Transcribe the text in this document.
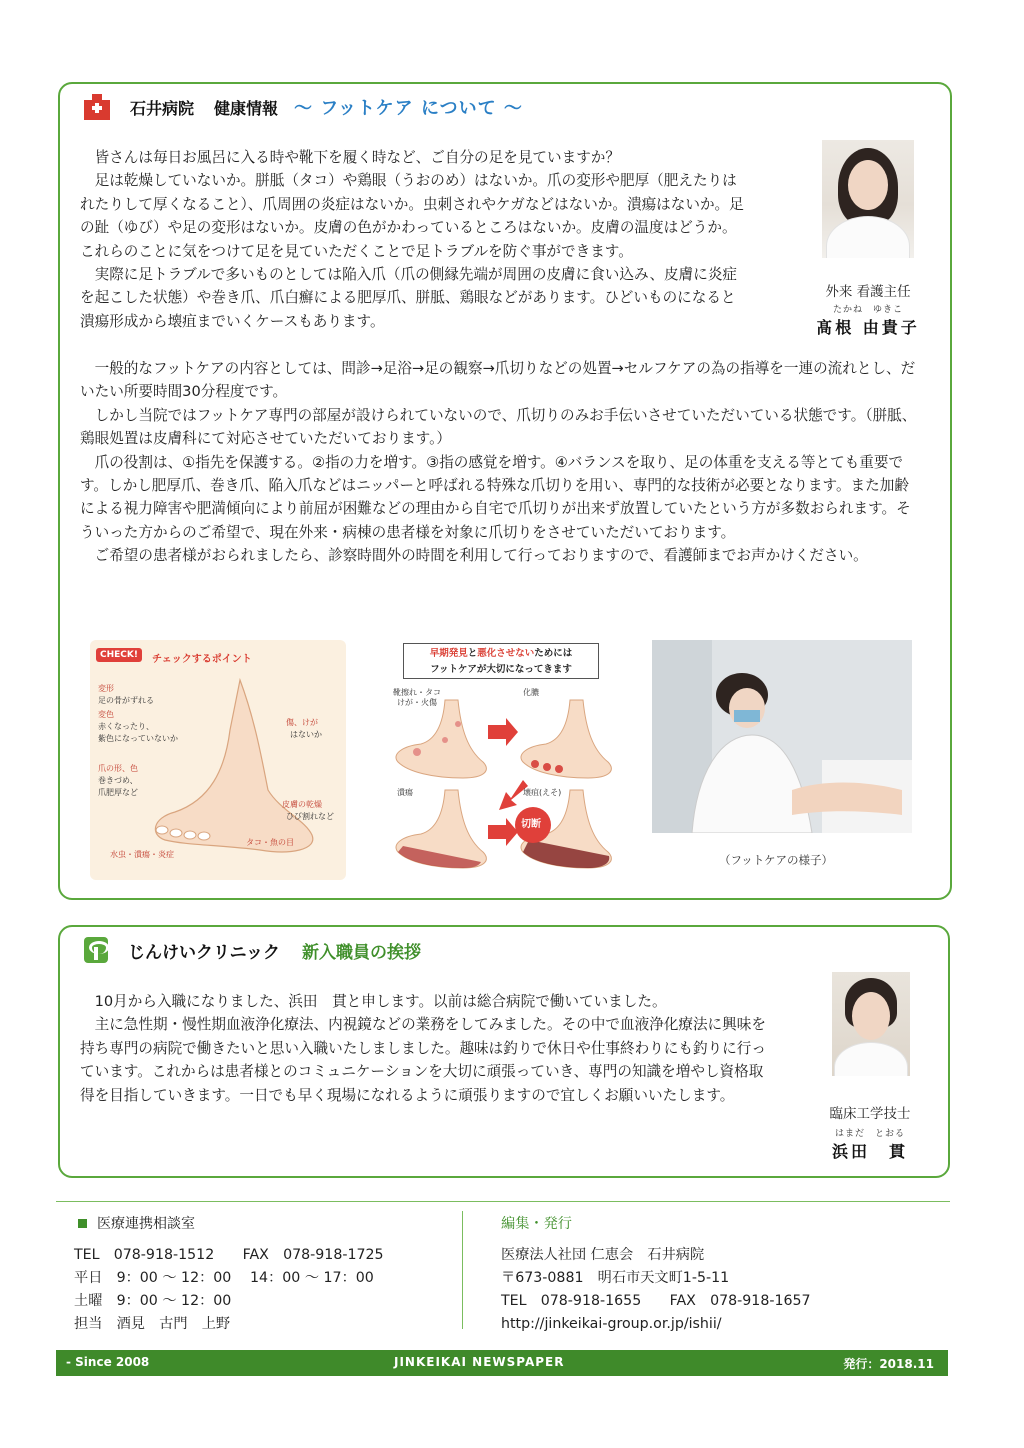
石井病院 健康情報 ～ フットケア について ～

皆さんは毎日お風呂に入る時や靴下を履く時など、ご自分の足を見ていますか？

足は乾燥していないか。胼胝（タコ）や鶏眼（うおのめ）はないか。爪の変形や肥厚（肥えたりはれたりして厚くなること）、爪周囲の炎症はないか。虫刺されやケガなどはないか。潰瘍はないか。足の趾（ゆび）や足の変形はないか。皮膚の色がかわっているところはないか。皮膚の温度はどうか。これらのことに気をつけて足を見ていただくことで足トラブルを防ぐ事ができます。

実際に足トラブルで多いものとしては陥入爪（爪の側縁先端が周囲の皮膚に食い込み、皮膚に炎症を起こした状態）や巻き爪、爪白癬による肥厚爪、胼胝、鶏眼などがあります。ひどいものになると潰瘍形成から壊疽までいくケースもあります。

一般的なフットケアの内容としては、問診→足浴→足の観察→爪切りなどの処置→セルフケアの為の指導を一連の流れとし、だいたい所要時間30分程度です。

しかし当院ではフットケア専門の部屋が設けられていないので、爪切りのみお手伝いさせていただいている状態です。（胼胝、鶏眼処置は皮膚科にて対応させていただいております。）

爪の役割は、①指先を保護する。②指の力を増す。③指の感覚を増す。④バランスを取り、足の体重を支える等とても重要です。しかし肥厚爪、巻き爪、陥入爪などはニッパーと呼ばれる特殊な爪切りを用い、専門的な技術が必要となります。また加齢による視力障害や肥満傾向により前屈が困難などの理由から自宅で爪切りが出来ず放置していたという方が多数おられます。そういった方からのご希望で、現在外来・病棟の患者様を対象に爪切りをさせていただいております。

ご希望の患者様がおられましたら、診察時間外の時間を利用して行っておりますので、看護師までお声かけください。

外来 看護主任
たかね　ゆきこ
髙根 由貴子
CHECK!	チェックするポイント
変形
足の骨がずれる
変色
赤くなったり、
紫色になっていないか
傷、けが
はないか
爪の形、色
巻きづめ、
爪肥厚など
皮膚の乾燥
ひび割れなど
タコ・魚の目
水虫・潰瘍・炎症
早期発見と悪化させないためには
フットケアが大切になってきます
靴擦れ・タコ
けが・火傷
化膿
潰瘍	壊疽(えそ)
切断
（フットケアの様子）
じんけいクリニック 新入職員の挨拶

10月から入職になりました、浜田　貫と申します。以前は総合病院で働いていました。

主に急性期・慢性期血液浄化療法、内視鏡などの業務をしてみました。その中で血液浄化療法に興味を持ち専門の病院で働きたいと思い入職いたしましました。趣味は釣りで休日や仕事終わりにも釣りに行っています。これからは患者様とのコミュニケーションを大切に頑張っていき、専門の知識を増やし資格取得を目指していきます。一日でも早く現場になれるように頑張りますので宜しくお願いいたします。

臨床工学技士
はまだ　とおる
浜田　貫
医療連携相談室
TEL　078-918-1512　　FAX　078-918-1725
平日　9：00 ～ 12：00　 14：00 ～ 17：00
土曜　9：00 ～ 12：00
担当　酒見　古門　上野
編集・発行
医療法人社団 仁恵会　石井病院
〒673-0881　明石市天文町1-5-11
TEL　078-918-1655　　FAX　078-918-1657
http://jinkeikai-group.or.jp/ishii/
- Since 2008	JINKEIKAI NEWSPAPER	発行：2018.11
